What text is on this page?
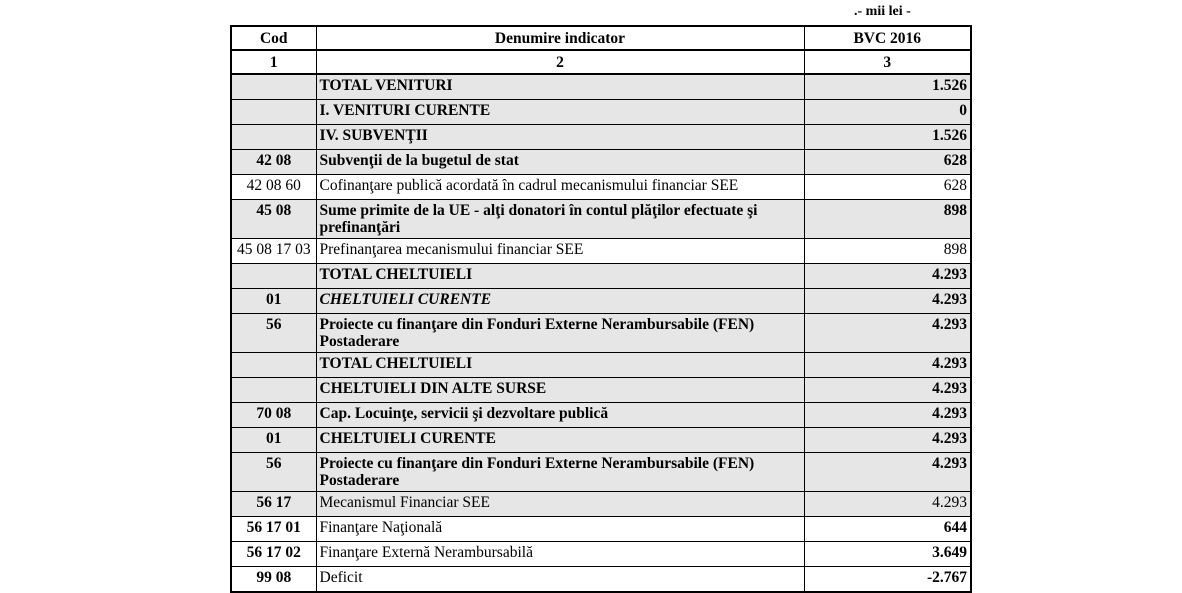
.- mii lei -
Cod	Denumire indicator	BVC 2016
1	2	3
	TOTAL VENITURI	1.526
	I. VENITURI CURENTE	0
	IV. SUBVENŢII	1.526
42 08	Subvenţii de la bugetul de stat	628
42 08 60	Cofinanţare publică acordată în cadrul mecanismului financiar SEE	628
45 08	Sume primite de la UE - alţi donatori în contul plăţilor efectuate şi prefinanţări	898
45 08 17 03	Prefinanţarea mecanismului financiar SEE	898
	TOTAL CHELTUIELI	4.293
01	CHELTUIELI CURENTE	4.293
56	Proiecte cu finanţare din Fonduri Externe Nerambursabile (FEN) Postaderare	4.293
	TOTAL CHELTUIELI	4.293
	CHELTUIELI DIN ALTE SURSE	4.293
70 08	Cap. Locuinţe, servicii şi dezvoltare publică	4.293
01	CHELTUIELI CURENTE	4.293
56	Proiecte cu finanţare din Fonduri Externe Nerambursabile (FEN) Postaderare	4.293
56 17	Mecanismul Financiar SEE	4.293
56 17 01	Finanţare Naţională	644
56 17 02	Finanţare Externă Nerambursabilă	3.649
99 08	Deficit	-2.767
